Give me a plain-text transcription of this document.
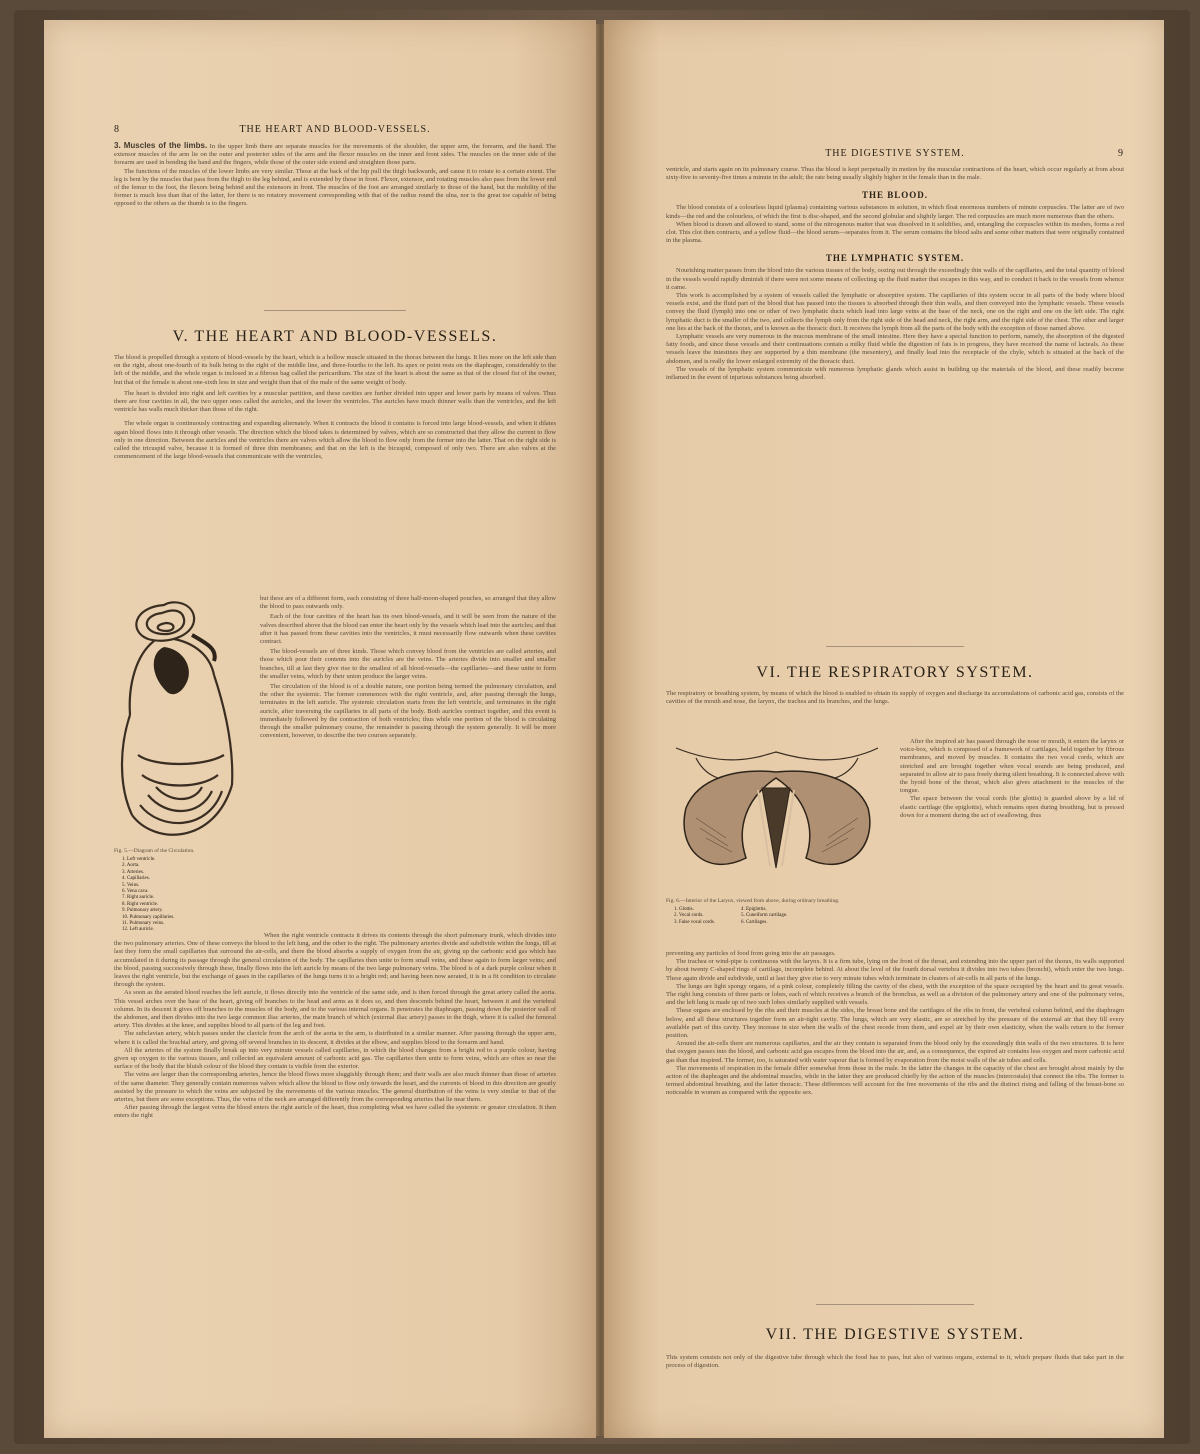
8	THE HEART AND BLOOD-VESSELS.

3. Muscles of the limbs. In the upper limb there are separate muscles for the movements of the shoulder, the upper arm, the forearm, and the hand. The extensor muscles of the arm lie on the outer and posterior sides of the arm and the flexor muscles on the inner and front sides. The muscles on the inner side of the forearm are used in bending the hand and the fingers, while those of the outer side extend and straighten those parts.

The functions of the muscles of the lower limbs are very similar. Those at the back of the hip pull the thigh backwards, and cause it to rotate to a certain extent. The leg is bent by the muscles that pass from the thigh to the leg behind, and is extended by those in front. Flexor, extensor, and rotating muscles also pass from the lower end of the femur to the foot, the flexors being behind and the extensors in front. The muscles of the foot are arranged similarly to those of the hand, but the mobility of the former is much less than that of the latter, for there is no rotatory movement corresponding with that of the radius round the ulna, nor is the great toe capable of being opposed to the others as the thumb is to the fingers.

V. THE HEART AND BLOOD-VESSELS.

The blood is propelled through a system of blood-vessels by the heart, which is a hollow muscle situated in the thorax between the lungs. It lies more on the left side than on the right, about one-fourth of its bulk being to the right of the middle line, and three-fourths to the left. Its apex or point rests on the diaphragm, considerably to the left of the middle, and the whole organ is inclosed in a fibrous bag called the pericardium. The size of the heart is about the same as that of the closed fist of the owner, but that of the female is about one-sixth less in size and weight than that of the male of the same weight of body.

The heart is divided into right and left cavities by a muscular partition, and these cavities are further divided into upper and lower parts by means of valves. Thus there are four cavities in all, the two upper ones called the auricles, and the lower the ventricles. The auricles have much thinner walls than the ventricles, and the left ventricle has walls much thicker than those of the right.

The whole organ is continuously contracting and expanding alternately. When it contracts the blood it contains is forced into large blood-vessels, and when it dilates again blood flows into it through other vessels. The direction which the blood takes is determined by valves, which are so constructed that they allow the current to flow only in one direction. Between the auricles and the ventricles there are valves which allow the blood to flow only from the former into the latter. That on the right side is called the tricuspid valve, because it is formed of three thin membranes; and that on the left is the bicuspid, composed of only two. There are also valves at the commencement of the large blood-vessels that communicate with the ventricles,

but these are of a different form, each consisting of three half-moon-shaped pouches, so arranged that they allow the blood to pass outwards only.

Each of the four cavities of the heart has its own blood-vessels, and it will be seen from the nature of the valves described above that the blood can enter the heart only by the vessels which lead into the auricles; and that after it has passed from these cavities into the ventricles, it must necessarily flow outwards when these cavities contract.

The blood-vessels are of three kinds. Those which convey blood from the ventricles are called arteries, and those which pour their contents into the auricles are the veins. The arteries divide into smaller and smaller branches, till at last they give rise to the smallest of all blood-vessels—the capillaries—and these unite to form the smaller veins, which by their union produce the larger veins.

The circulation of the blood is of a double nature, one portion being termed the pulmonary circulation, and the other the systemic. The former commences with the right ventricle, and, after passing through the lungs, terminates in the left auricle. The systemic circulation starts from the left ventricle, and terminates in the right auricle, after traversing the capillaries in all parts of the body. Both auricles contract together, and this event is immediately followed by the contraction of both ventricles; thus while one portion of the blood is circulating through the smaller pulmonary course, the remainder is passing through the system generally. It will be more convenient, however, to describe the two courses separately.

Fig. 5.—Diagram of the Circulation.
1. Left ventricle.
2. Aorta.
3. Arteries.
4. Capillaries.
5. Veins.
6. Vena cava.
7. Right auricle.
8. Right ventricle.
9. Pulmonary artery.
10. Pulmonary capillaries.
11. Pulmonary veins.
12. Left auricle.

When the right ventricle contracts it drives its contents through the short pulmonary trunk, which divides into the two pulmonary arteries. One of these conveys the blood to the left lung, and the other to the right. The pulmonary arteries divide and subdivide within the lungs, till at last they form the small capillaries that surround the air-cells, and there the blood absorbs a supply of oxygen from the air, giving up the carbonic acid gas which has accumulated in it during its passage through the general circulation of the body. The capillaries then unite to form small veins, and these again to form larger veins; and the blood, passing successively through these, finally flows into the left auricle by means of the two large pulmonary veins. The blood is of a dark purple colour when it leaves the right ventricle, but the exchange of gases in the capillaries of the lungs turns it to a bright red; and having been now aerated, it is in a fit condition to circulate through the system.

As soon as the aerated blood reaches the left auricle, it flows directly into the ventricle of the same side, and is then forced through the great artery called the aorta. This vessel arches over the base of the heart, giving off branches to the head and arms as it does so, and then descends behind the heart, between it and the vertebral column. In its descent it gives off branches to the muscles of the body, and to the various internal organs. It penetrates the diaphragm, passing down the posterior wall of the abdomen, and then divides into the two large common iliac arteries, the main branch of which (external iliac artery) passes to the thigh, where it is called the femoral artery. This divides at the knee, and supplies blood to all parts of the leg and foot.

The subclavian artery, which passes under the clavicle from the arch of the aorta to the arm, is distributed in a similar manner. After passing through the upper arm, where it is called the brachial artery, and giving off several branches in its descent, it divides at the elbow, and supplies blood to the forearm and hand.

All the arteries of the system finally break up into very minute vessels called capillaries, in which the blood changes from a bright red to a purple colour, having given up oxygen to the various tissues, and collected an equivalent amount of carbonic acid gas. The capillaries then unite to form veins, which are often so near the surface of the body that the bluish colour of the blood they contain is visible from the exterior.

The veins are larger than the corresponding arteries, hence the blood flows more sluggishly through them; and their walls are also much thinner than those of arteries of the same diameter. They generally contain numerous valves which allow the blood to flow only towards the heart, and the currents of blood in this direction are greatly assisted by the pressure to which the veins are subjected by the movements of the various muscles. The general distribution of the veins is very similar to that of the arteries, but there are some exceptions. Thus, the veins of the neck are arranged differently from the corresponding arteries that lie near them.

After passing through the largest veins the blood enters the right auricle of the heart, thus completing what we have called the systemic or greater circulation. It then enters the right

THE DIGESTIVE SYSTEM.	9

ventricle, and starts again on its pulmonary course. Thus the blood is kept perpetually in motion by the muscular contractions of the heart, which occur regularly at from about sixty-five to seventy-five times a minute in the adult; the rate being usually slightly higher in the female than in the male.

THE BLOOD.

The blood consists of a colourless liquid (plasma) containing various substances in solution, in which float enormous numbers of minute corpuscles. The latter are of two kinds—the red and the colourless, of which the first is disc-shaped, and the second globular and slightly larger. The red corpuscles are much more numerous than the others.

When blood is drawn and allowed to stand, some of the nitrogenous matter that was dissolved in it solidifies, and, entangling the corpuscles within its meshes, forms a red clot. This clot then contracts, and a yellow fluid—the blood serum—separates from it. The serum contains the blood salts and some other matters that were originally contained in the plasma.

THE LYMPHATIC SYSTEM.

Nourishing matter passes from the blood into the various tissues of the body, oozing out through the exceedingly thin walls of the capillaries, and the total quantity of blood in the vessels would rapidly diminish if there were not some means of collecting up the fluid matter that escapes in this way, and to conduct it back to the vessels from whence it came.

This work is accomplished by a system of vessels called the lymphatic or absorptive system. The capillaries of this system occur in all parts of the body where blood vessels exist, and the fluid part of the blood that has passed into the tissues is absorbed through their thin walls, and then conveyed into the lymphatic vessels. These vessels convey the fluid (lymph) into one or other of two lymphatic ducts which lead into large veins at the base of the neck, one on the right and one on the left side. The right lymphatic duct is the smaller of the two, and collects the lymph only from the right side of the head and neck, the right arm, and the right side of the chest. The other and larger one lies at the back of the thorax, and is known as the thoracic duct. It receives the lymph from all the parts of the body with the exception of those named above.

Lymphatic vessels are very numerous in the mucous membrane of the small intestine. Here they have a special function to perform, namely, the absorption of the digested fatty foods, and since these vessels and their continuations contain a milky fluid while the digestion of fats is in progress, they have received the name of lacteals. As these vessels leave the intestines they are supported by a thin membrane (the mesentery), and finally lead into the receptacle of the chyle, which is situated at the back of the abdomen, and is really the lower enlarged extremity of the thoracic duct.

The vessels of the lymphatic system communicate with numerous lymphatic glands which assist in building up the materials of the blood, and these readily become inflamed in the event of injurious substances being absorbed.

VI. THE RESPIRATORY SYSTEM.

The respiratory or breathing system, by means of which the blood is enabled to obtain its supply of oxygen and discharge its accumulations of carbonic acid gas, consists of the cavities of the mouth and nose, the larynx, the trachea and its branches, and the lungs.

After the inspired air has passed through the nose or mouth, it enters the larynx or voice-box, which is composed of a framework of cartilages, held together by fibrous membranes, and moved by muscles. It contains the two vocal cords, which are stretched and are brought together when vocal sounds are being produced, and separated to allow air to pass freely during silent breathing. It is connected above with the hyoid bone of the throat, which also gives attachment to the muscles of the tongue.

The space between the vocal cords (the glottis) is guarded above by a lid of elastic cartilage (the epiglottis), which remains open during breathing, but is pressed down for a moment during the act of swallowing, thus

Fig. 6.—Interior of the Larynx, viewed from above, during ordinary breathing.
1. Glottis.
2. Vocal cords.
3. False vocal cords.
4. Epiglottis.
5. Cuneiform cartilage.
6. Cartilages.

preventing any particles of food from going into the air passages.

The trachea or wind-pipe is continuous with the larynx. It is a firm tube, lying on the front of the throat, and extending into the upper part of the thorax, its walls supported by about twenty C-shaped rings of cartilage, incomplete behind. At about the level of the fourth dorsal vertebra it divides into two tubes (bronchi), which enter the two lungs. These again divide and subdivide, until at last they give rise to very minute tubes which terminate in clusters of air-cells in all parts of the lungs.

The lungs are light spongy organs, of a pink colour, completely filling the cavity of the chest, with the exception of the space occupied by the heart and its great vessels. The right lung consists of three parts or lobes, each of which receives a branch of the bronchus, as well as a division of the pulmonary artery and one of the pulmonary veins, and the left lung is made up of two such lobes similarly supplied with vessels.

These organs are enclosed by the ribs and their muscles at the sides, the breast bone and the cartilages of the ribs in front, the vertebral column behind, and the diaphragm below, and all these structures together form an air-tight cavity. The lungs, which are very elastic, are so stretched by the pressure of the external air that they fill every available part of this cavity. They increase in size when the walls of the chest recede from them, and expel air by their own elasticity, when the walls return to the former position.

Around the air-cells there are numerous capillaries, and the air they contain is separated from the blood only by the exceedingly thin walls of the two structures. It is here that oxygen passes into the blood, and carbonic acid gas escapes from the blood into the air, and, as a consequence, the expired air contains less oxygen and more carbonic acid gas than that inspired. The former, too, is saturated with water vapour that is formed by evaporation from the moist walls of the air tubes and cells.

The movements of respiration in the female differ somewhat from those in the male. In the latter the changes in the capacity of the chest are brought about mainly by the action of the diaphragm and the abdominal muscles, while in the latter they are produced chiefly by the action of the muscles (intercostals) that connect the ribs. The former is termed abdominal breathing, and the latter thoracic. These differences will account for the free movements of the ribs and the distinct rising and falling of the breast-bone so noticeable in women as compared with the opposite sex.

VII. THE DIGESTIVE SYSTEM.

This system consists not only of the digestive tube through which the food has to pass, but also of various organs, external to it, which prepare fluids that take part in the process of digestion.
